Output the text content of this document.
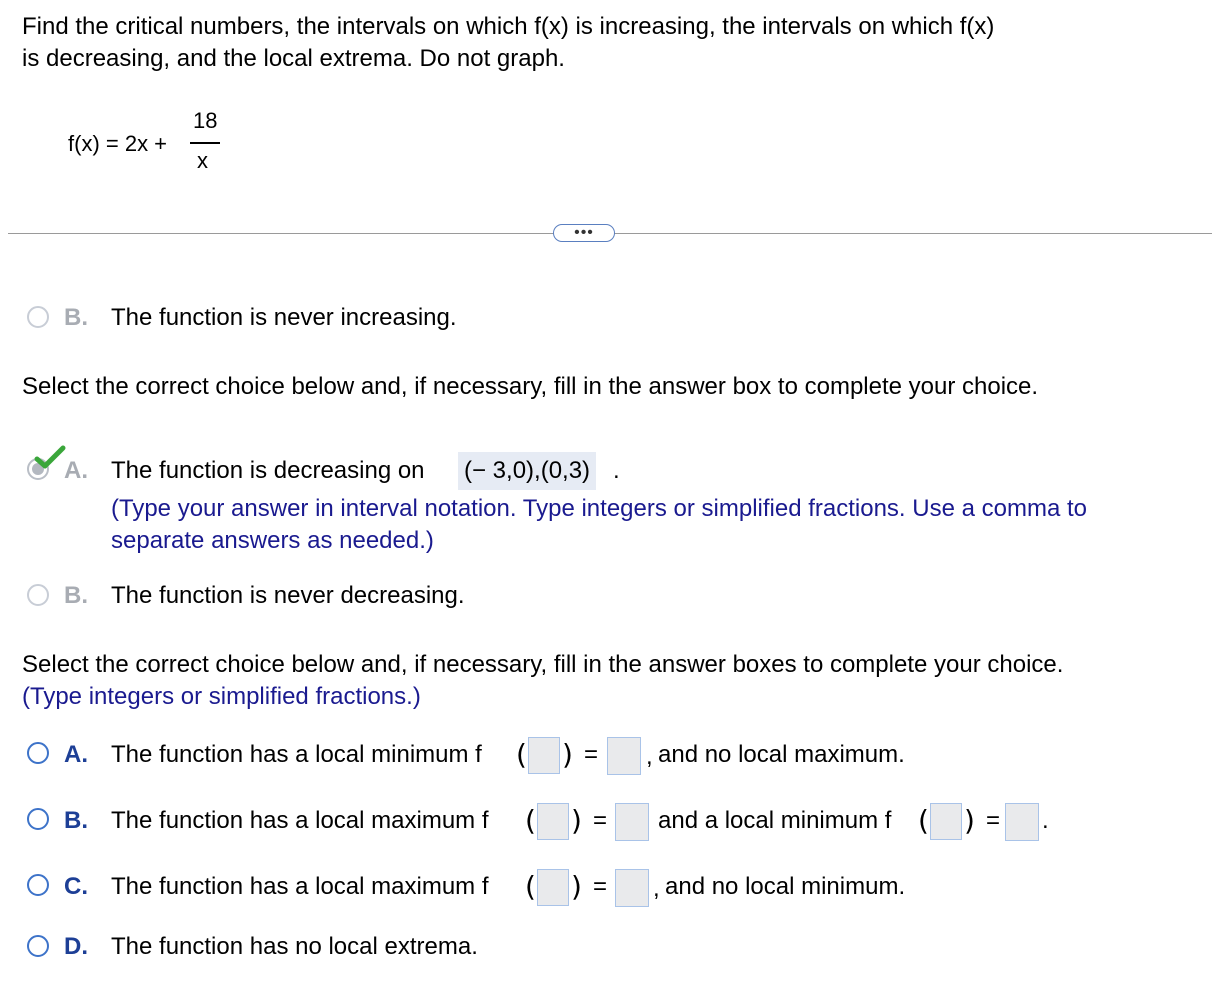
Find the critical numbers, the intervals on which f(x) is increasing, the intervals on which f(x)
is decreasing, and the local extrema. Do not graph.
f(x) = 2x +
18
x
•••
B. The function is never increasing.
Select the correct choice below and, if necessary, fill in the answer box to complete your choice.
A. The function is decreasing on (− 3,0),(0,3) .
(Type your answer in interval notation. Type integers or simplified fractions. Use a comma to
separate answers as needed.)
B. The function is never decreasing.
Select the correct choice below and, if necessary, fill in the answer boxes to complete your choice.
(Type integers or simplified fractions.)
A. The function has a local minimum f ( ) = , and no local maximum.
B. The function has a local maximum f ( ) = and a local minimum f ( ) = .
C. The function has a local maximum f ( ) = , and no local minimum.
D. The function has no local extrema.
